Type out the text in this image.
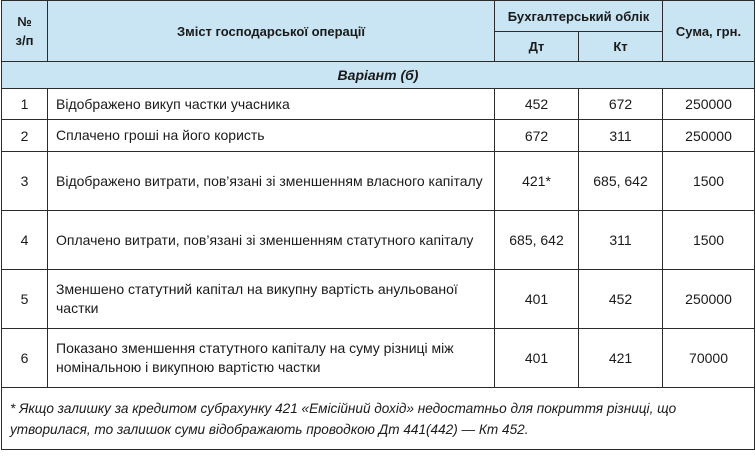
№
з/п	Зміст господарської операції	Бухгалтерський облік		Сума, грн.
		Дт	Кт	
Варіант (б)				
1	Відображено викуп частки учасника	452	672	250000
2	Сплачено гроші на його користь	672	311	250000
3	Відображено витрати, пов’язані зі зменшенням власного капіталу	421*	685, 642	1500
4	Оплачено витрати, пов’язані зі зменшенням статутного капіталу	685, 642	311	1500
5	Зменшено статутний капітал на викупну вартість анульованої частки	401	452	250000
6	Показано зменшення статутного капіталу на суму різниці між номінальною і викупною вартістю частки	401	421	70000
* Якщо залишку за кредитом субрахунку 421 «Емісійний дохід» недостатньо для покриття різниці, що утворилася, то залишок суми відображають проводкою Дт 441(442) — Кт 452.				
